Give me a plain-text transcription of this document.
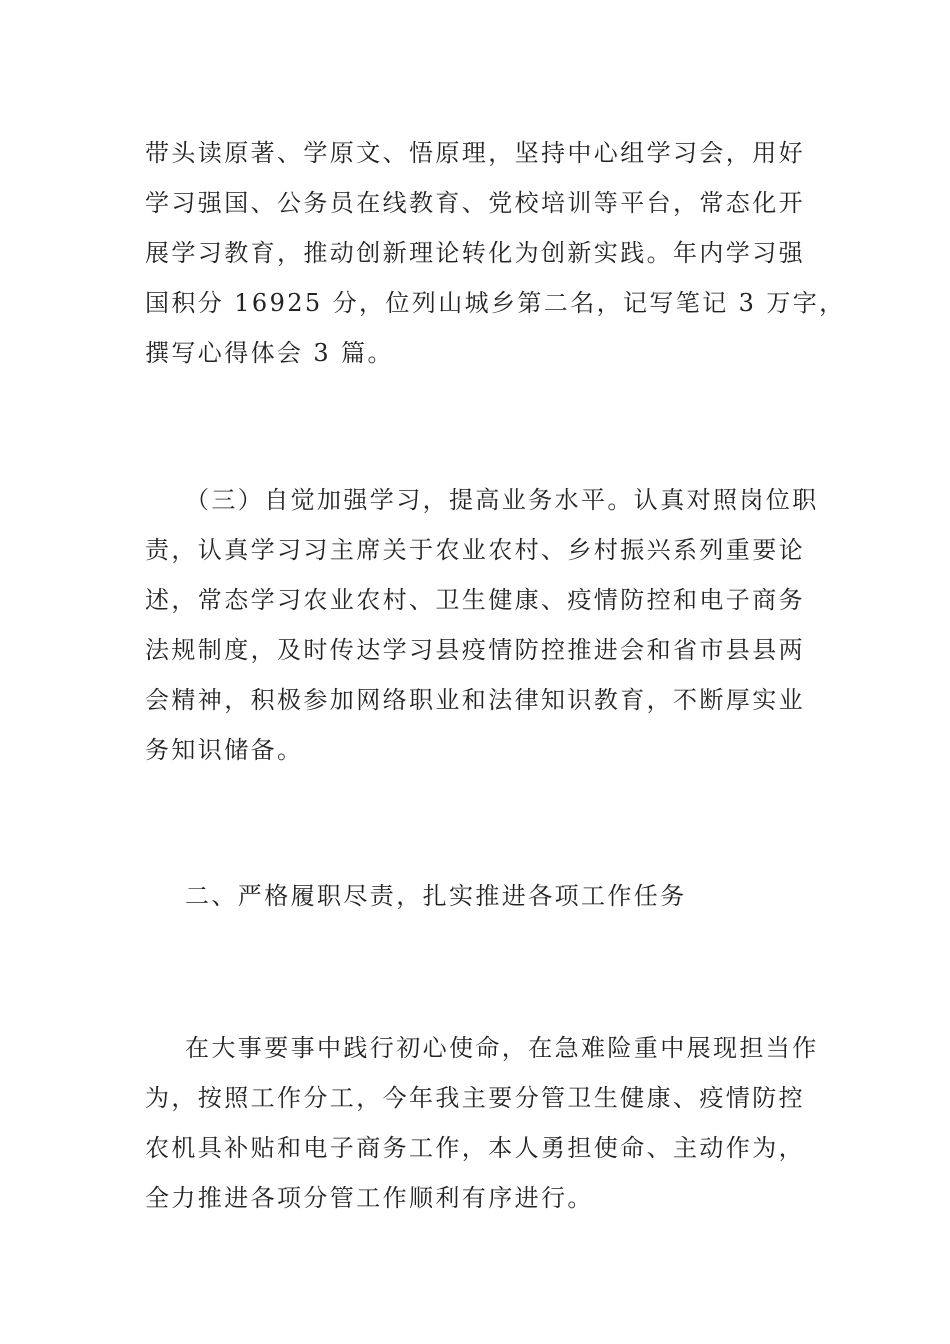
带头读原著、学原文、悟原理，坚持中心组学习会，用好
学习强国、公务员在线教育、党校培训等平台，常态化开
展学习教育，推动创新理论转化为创新实践。年内学习强
国积分 16925 分，位列山城乡第二名，记写笔记 3 万字，
撰写心得体会 3 篇。

（三）自觉加强学习，提高业务水平。认真对照岗位职
责，认真学习习主席关于农业农村、乡村振兴系列重要论
述，常态学习农业农村、卫生健康、疫情防控和电子商务
法规制度，及时传达学习县疫情防控推进会和省市县县两
会精神，积极参加网络职业和法律知识教育，不断厚实业
务知识储备。

二、严格履职尽责，扎实推进各项工作任务

在大事要事中践行初心使命，在急难险重中展现担当作
为，按照工作分工，今年我主要分管卫生健康、疫情防控
农机具补贴和电子商务工作，本人勇担使命、主动作为，
全力推进各项分管工作顺利有序进行。
